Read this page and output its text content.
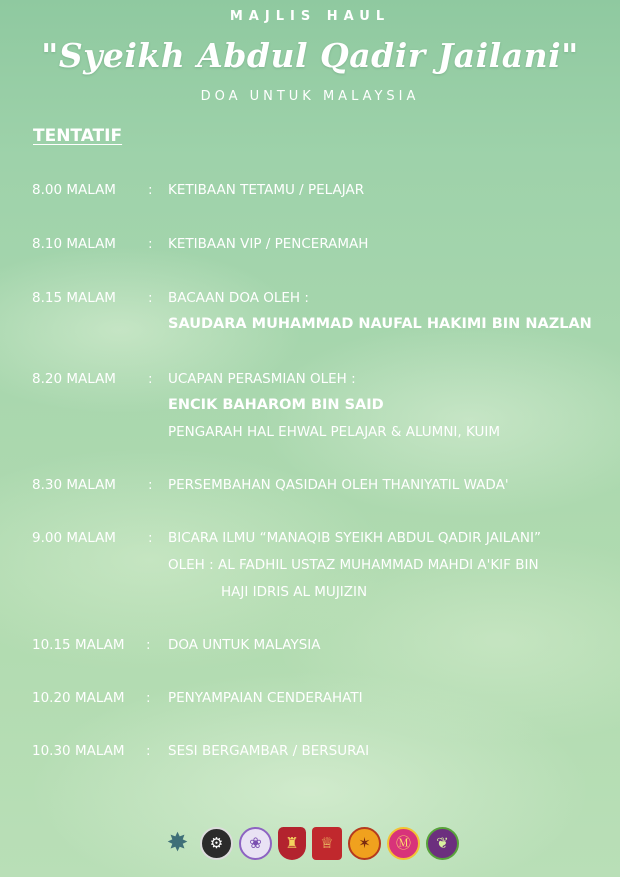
MAJLIS HAUL
"Syeikh Abdul Qadir Jailani"
DOA UNTUK MALAYSIA
TENTATIF
8.00 MALAM : KETIBAAN TETAMU / PELAJAR
8.10 MALAM : KETIBAAN VIP / PENCERAMAH
8.15 MALAM : BACAAN DOA OLEH :
SAUDARA MUHAMMAD NAUFAL HAKIMI BIN NAZLAN
8.20 MALAM : UCAPAN PERASMIAN OLEH :
ENCIK BAHAROM BIN SAID
PENGARAH HAL EHWAL PELAJAR & ALUMNI, KUIM
8.30 MALAM : PERSEMBAHAN QASIDAH OLEH THANIYATIL WADA'
9.00 MALAM : BICARA ILMU “MANAQIB SYEIKH ABDUL QADIR JAILANI”
OLEH : AL FADHIL USTAZ MUHAMMAD MAHDI A'KIF BIN
HAJI IDRIS AL MUJIZIN
10.15 MALAM : DOA UNTUK MALAYSIA
10.20 MALAM : PENYAMPAIAN CENDERAHATI
10.30 MALAM : SESI BERGAMBAR / BERSURAI
✸	⚙	❀	♜	♕	✶	Ⓜ	❦
